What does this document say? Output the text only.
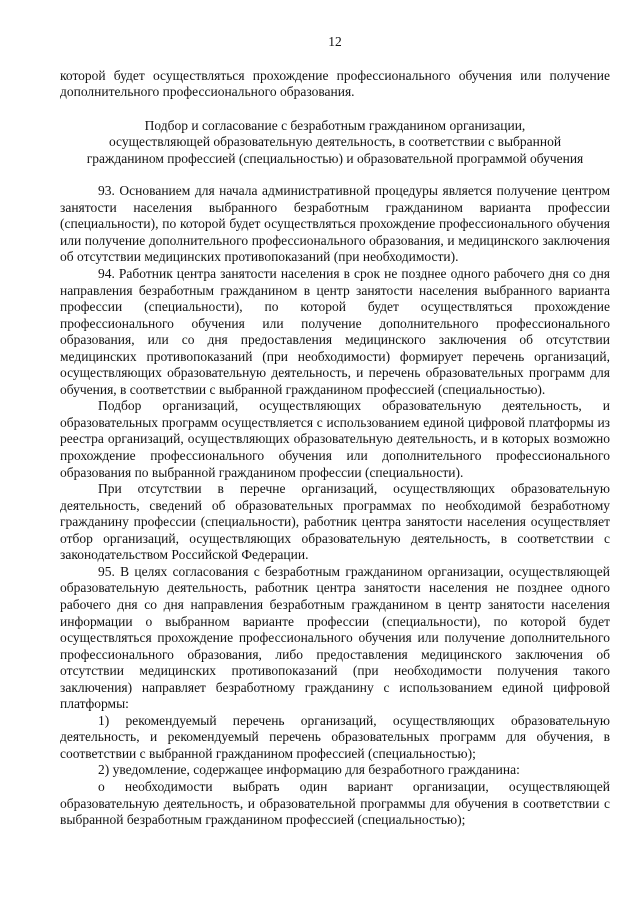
12

которой будет осуществляться прохождение профессионального обучения или получение дополнительного профессионального образования.

Подбор и согласование с безработным гражданином организации,
осуществляющей образовательную деятельность, в соответствии с выбранной
гражданином профессией (специальностью) и образовательной программой обучения

93. Основанием для начала административной процедуры является получение центром занятости населения выбранного безработным гражданином варианта профессии (специальности), по которой будет осуществляться прохождение профессионального обучения или получение дополнительного профессионального образования, и медицинского заключения об отсутствии медицинских противопоказаний (при необходимости).

94. Работник центра занятости населения в срок не позднее одного рабочего дня со дня направления безработным гражданином в центр занятости населения выбранного варианта профессии (специальности), по которой будет осуществляться прохождение профессионального обучения или получение дополнительного профессионального образования, или со дня предоставления медицинского заключения об отсутствии медицинских противопоказаний (при необходимости) формирует перечень организаций, осуществляющих образовательную деятельность, и перечень образовательных программ для обучения, в соответствии с выбранной гражданином профессией (специальностью).

Подбор организаций, осуществляющих образовательную деятельность, и образовательных программ осуществляется с использованием единой цифровой платформы из реестра организаций, осуществляющих образовательную деятельность, и в которых возможно прохождение профессионального обучения или дополнительного профессионального образования по выбранной гражданином профессии (специальности).

При отсутствии в перечне организаций, осуществляющих образовательную деятельность, сведений об образовательных программах по необходимой безработному гражданину профессии (специальности), работник центра занятости населения осуществляет отбор организаций, осуществляющих образовательную деятельность, в соответствии с законодательством Российской Федерации.

95. В целях согласования с безработным гражданином организации, осуществляющей образовательную деятельность, работник центра занятости населения не позднее одного рабочего дня со дня направления безработным гражданином в центр занятости населения информации о выбранном варианте профессии (специальности), по которой будет осуществляться прохождение профессионального обучения или получение дополнительного профессионального образования, либо предоставления медицинского заключения об отсутствии медицинских противопоказаний (при необходимости получения такого заключения) направляет безработному гражданину с использованием единой цифровой платформы:

1) рекомендуемый перечень организаций, осуществляющих образовательную деятельность, и рекомендуемый перечень образовательных программ для обучения, в соответствии с выбранной гражданином профессией (специальностью);

2) уведомление, содержащее информацию для безработного гражданина:

о необходимости выбрать один вариант организации, осуществляющей образовательную деятельность, и образовательной программы для обучения в соответствии с выбранной безработным гражданином профессией (специальностью);
